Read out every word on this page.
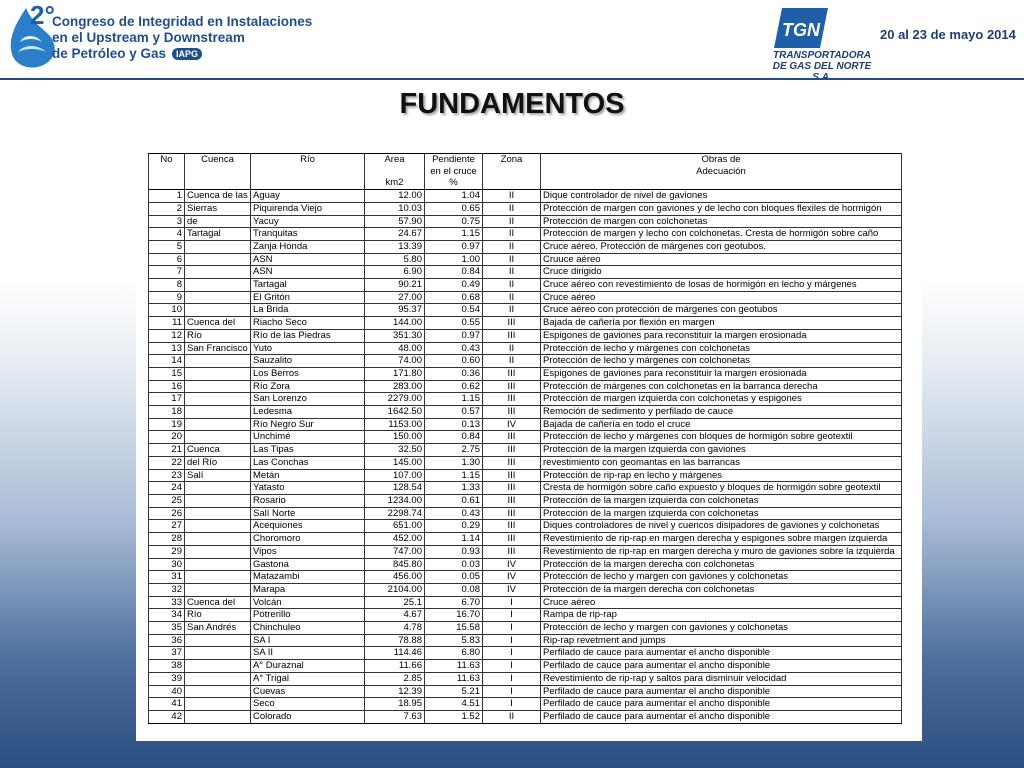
2°
Congreso de Integridad en Instalaciones
en el Upstream y Downstream
de Petróleo y Gas IAPG
TGN
TRANSPORTADORA
DE GAS DEL NORTE
20 al 23 de mayo 2014
FUNDAMENTOS
No	Cuenca	Río	Area	Pendiente	Zona	Obras de
				en el cruce		Adecuación
			km2	%		
1	Cuenca de las	Aguay	12.00	1.04	II	Dique controlador de nivel de gaviones
2	Sierras	Piquirenda Viejo	10.03	0.65	II	Protección de margen con gaviones y de lecho con bloques flexiles de hormigón
3	de	Yacuy	57.90	0.75	II	Protección de margen con colchonetas
4	Tartagal	Tranquitas	24.67	1.15	II	Protección de margen y lecho con colchonetas. Cresta de hormigón sobre caño
5		Zanja Honda	13.39	0.97	II	Cruce aéreo. Protección de márgenes con geotubos.
6		ASN	5.80	1.00	II	Cruuce aéreo
7		ASN	6.90	0.84	II	Cruce dirigido
8		Tartagal	90.21	0.49	II	Cruce aéreo con revestimiento de losas de hormigón en lecho y márgenes
9		El Gritón	27.00	0.68	II	Cruce aéreo
10		La Brida	95.37	0.54	II	Cruce aéreo con protección de márgenes con geotubos
11	Cuenca del	Riacho Seco	144.00	0.55	III	Bajada de cañería por flexión en margen
12	Río	Río de las Piedras	351.30	0.97	III	Espigones de gaviones para reconstituir la margen erosionada
13	San Francisco	Yuto	48.00	0.43	II	Protección de lecho y márgenes con colchonetas
14		Sauzalito	74.00	0.60	II	Protección de lecho y márgenes con colchonetas
15		Los Berros	171.80	0.36	III	Espigones de gaviones para reconstituir la margen erosionada
16		Río Zora	283.00	0.62	III	Protección de márgenes con colchonetas en la barranca derecha
17		San Lorenzo	2279.00	1.15	III	Protección de margen izquierda con colchonetas y espigones
18		Ledesma	1642.50	0.57	III	Remoción de sedimento y perfilado de cauce
19		Río Negro Sur	1153.00	0.13	IV	Bajada de cañería en todo el cruce
20		Unchimé	150.00	0.84	III	Protección de lecho y márgenes con bloques de hormigón sobre geotextil
21	Cuenca	Las Tipas	32.50	2.75	III	Protección de la margen izquierda con gaviones
22	del Río	Las Conchas	145.00	1.30	III	revestimiento con geomantas en las barrancas
23	Salí	Metán	107.00	1.15	III	Protección de rip-rap en lecho y márgenes
24		Yatasto	128.54	1.33	III	Cresta de hormigón sobre caño expuesto y bloques de hormigón sobre geotextil
25		Rosario	1234.00	0.61	III	Protección de la margen izquierda con colchonetas
26		Salí Norte	2298.74	0.43	III	Protección de la margen izquierda con colchonetas
27		Acequiones	651.00	0.29	III	Diques controladores de nivel y cuencos disipadores de gaviones y colchonetas
28		Choromoro	452.00	1.14	III	Revestimiento de rip-rap en margen derecha y espigones sobre margen izquierda
29		Vipos	747.00	0.93	III	Revestimiento de rip-rap en margen derecha y muro de gaviones sobre la izquierda
30		Gastona	845.80	0.03	IV	Protección de la margen derecha con colchonetas
31		Matazambi	456.00	0.05	IV	Protección de lecho y margen con gaviones y colchonetas
32		Marapa	2104.00	0.08	IV	Protección de la margen derecha con colchonetas
33	Cuenca del	Volcán	25.1	6.70	I	Cruce aéreo
34	Río	Potrerillo	4.67	16.70	I	Rampa de rip-rap
35	San Andrés	Chinchuleo	4.78	15.58	I	Protección de lecho y margen con gaviones y colchonetas
36		SA I	78.88	5.83	I	Rip-rap revetment and jumps
37		SA II	114.46	6.80	I	Perfilado de cauce para aumentar el ancho disponible
38		A° Duraznal	11.66	11.63	I	Perfilado de cauce para aumentar el ancho disponible
39		A° Trigal	2.85	11.63	I	Revestimiento de rip-rap y saltos para disminuir velocidad
40		Cuevas	12.39	5.21	I	Perfilado de cauce para aumentar el ancho disponible
41		Seco	18.95	4.51	I	Perfilado de cauce para aumentar el ancho disponible
42		Colorado	7.63	1.52	II	Perfilado de cauce para aumentar el ancho disponible
